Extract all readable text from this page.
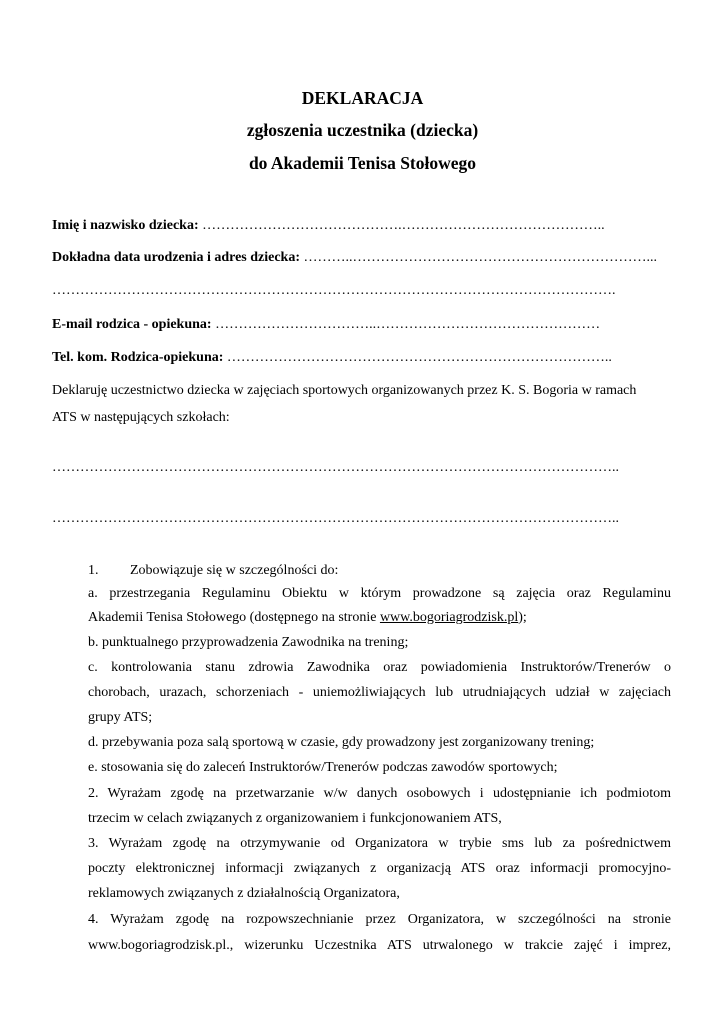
DEKLARACJA
zgłoszenia uczestnika (dziecka)
do Akademii Tenisa Stołowego
Imię i nazwisko dziecka: …………………………………….……………………………………..
Dokładna data urodzenia i adres dziecka: ………..………………………………………………………...
………………………………………………………………………………………………………….
E-mail rodzica - opiekuna: ……………………………..…………………………………………
Tel. kom. Rodzica-opiekuna: ………………………………………………………………………..
Deklaruję uczestnictwo dziecka w zajęciach sportowych organizowanych przez K. S. Bogoria w ramach
ATS w następujących szkołach:
…………………………………………………………………………………………………………..
…………………………………………………………………………………………………………..
1. Zobowiązuje się w szczególności do:
a. przestrzegania Regulaminu Obiektu w którym prowadzone są zajęcia oraz Regulaminu
Akademii Tenisa Stołowego (dostępnego na stronie www.bogoriagrodzisk.pl);
b. punktualnego przyprowadzenia Zawodnika na trening;
c. kontrolowania stanu zdrowia Zawodnika oraz powiadomienia Instruktorów/Trenerów o
chorobach, urazach, schorzeniach - uniemożliwiających lub utrudniających udział w zajęciach
grupy ATS;
d. przebywania poza salą sportową w czasie, gdy prowadzony jest zorganizowany trening;
e. stosowania się do zaleceń Instruktorów/Trenerów podczas zawodów sportowych;
2. Wyrażam zgodę na przetwarzanie w/w danych osobowych i udostępnianie ich podmiotom
trzecim w celach związanych z organizowaniem i funkcjonowaniem ATS,
3. Wyrażam zgodę na otrzymywanie od Organizatora w trybie sms lub za pośrednictwem
poczty elektronicznej informacji związanych z organizacją ATS oraz informacji promocyjno-
reklamowych związanych z działalnością Organizatora,
4. Wyrażam zgodę na rozpowszechnianie przez Organizatora, w szczególności na stronie
www.bogoriagrodzisk.pl., wizerunku Uczestnika ATS utrwalonego w trakcie zajęć i imprez,
